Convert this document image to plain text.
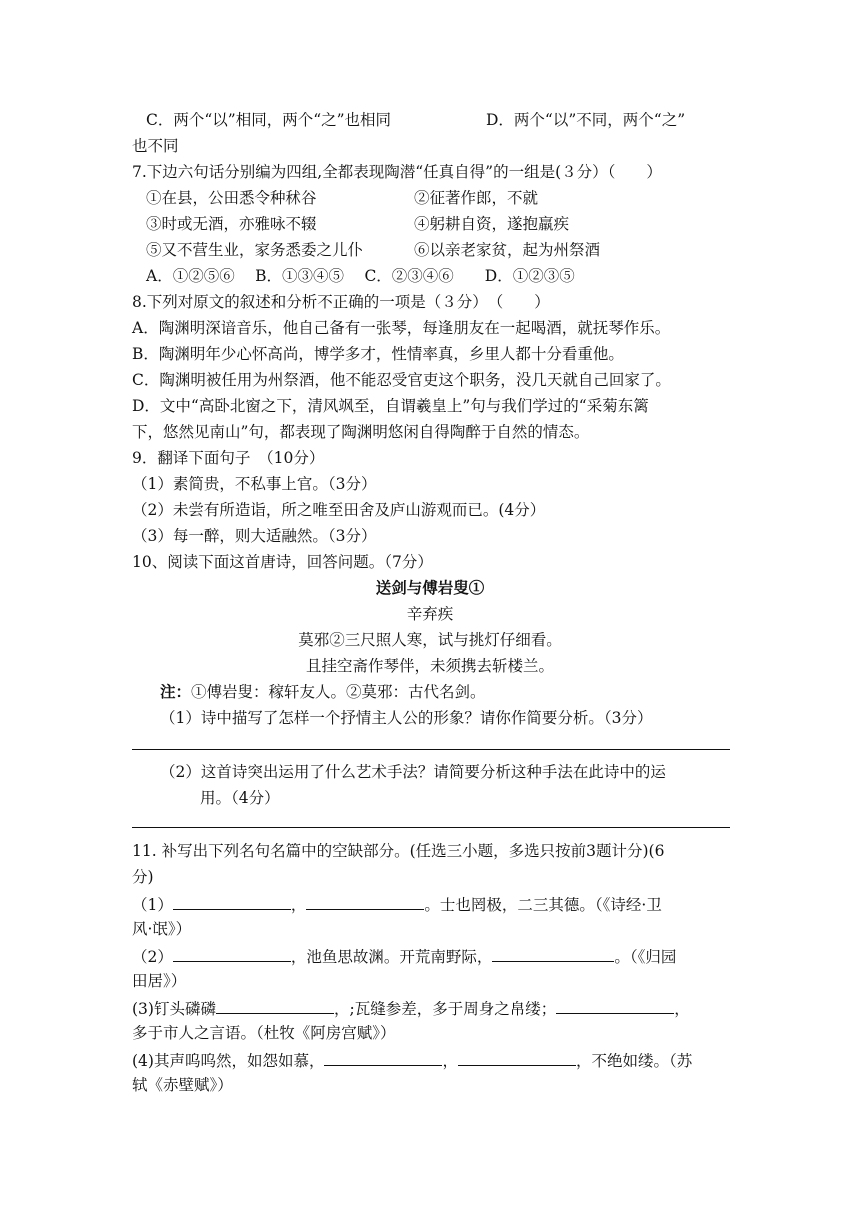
C．两个“以”相同，两个“之”也相同	D．两个“以”不同，两个“之”
也不同
7.下边六句话分别编为四组,全都表现陶潜“任真自得”的一组是(３分）（　　）
①在县，公田悉令种秫谷	②征著作郎，不就
③时或无酒，亦雅咏不辍	④躬耕自资，遂抱羸疾
⑤又不营生业，家务悉委之儿仆	⑥以亲老家贫，起为州祭酒
A．①②⑤⑥　 B．①③④⑤　 C．②③④⑥　　D．①②③⑤
8.下列对原文的叙述和分析不正确的一项是（３分）　（　　）
A．陶渊明深谙音乐，他自己备有一张琴，每逢朋友在一起喝酒，就抚琴作乐。
B．陶渊明年少心怀高尚，博学多才，性情率真，乡里人都十分看重他。
C．陶渊明被任用为州祭酒，他不能忍受官吏这个职务，没几天就自己回家了。
D．文中“高卧北窗之下，清风飒至，自谓羲皇上”句与我们学过的“采菊东篱
下，悠然见南山”句，都表现了陶渊明悠闲自得陶醉于自然的情态。
9．翻译下面句子　（10分）
（1）素简贵，不私事上官。（3分）
（2）未尝有所造诣，所之唯至田舍及庐山游观而已。(4分）
（3）每一醉，则大适融然。（3分）
10、阅读下面这首唐诗，回答问题。（7分）
送剑与傅岩叟①
辛弃疾
莫邪②三尺照人寒，试与挑灯仔细看。
且挂空斋作琴伴，未须携去斩楼兰。
注：①傅岩叟：稼轩友人。②莫邪：古代名剑。
（1）诗中描写了怎样一个抒情主人公的形象？请你作简要分析。（3分）
（2）这首诗突出运用了什么艺术手法？请简要分析这种手法在此诗中的运
用。（4分）
11. 补写出下列名句名篇中的空缺部分。(任选三小题，多选只按前3题计分)(6
分)
（1）	，	。士也罔极，二三其德。（《诗经·卫
风·氓》）
（2）	，池鱼思故渊。开荒南野际，	。（《归园
田居》）
(3)钉头磷磷	，;瓦缝参差，多于周身之帛缕；	，
多于市人之言语。（杜牧《阿房宫赋》）
(4)其声呜呜然，如怨如慕，	，	，不绝如缕。（苏
轼《赤壁赋》）
